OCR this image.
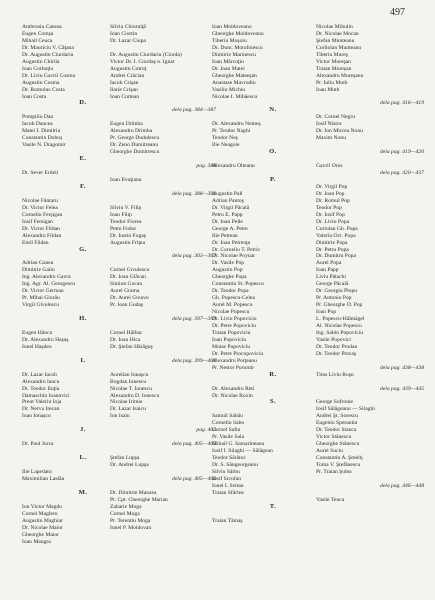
497
Ambrosiu Catona
Eugen Comşa
Mihail Ceuca
Dr. Mauriciu V. Căţana
Dr. Augustin Ciurdariu
Augustin Chirila
Ioan Corbuţiu
Dr. Liviu Gavril Cosma
Augustin Cosma
Dr. Romulus Costa
Ioan Costa
D.

Pompiliu Dan
Iacob Dancea
Matei I. Dimitriu
Constantin Doboş
Vasile N. Dragomir

E.

Dr. Sever Erdeli

F.

Nicolae Fântaru
Dr. Victor Felea
Corneliu Ferşigan
Iosif Fersigan
Dr. Victor Fildan
Alexandru Fildan
Emil Fildan
G.

Adrian Ganea
Dimitrie Galin
Ing. Alexandru Gavra
Ing. Agr. Al. Georgescu
Dr. Victor German
Pr. Mihai Giurău
Virgil Givulescu

H.

Eugen Hâncu
Dr. Alexandru Haşaş
Ionel Haşdeu

I.

Dr. Lazar Iacob
Alexandru Iancu
Dr. Teodor Iluţia
Damaschin Ioanovici
Preot Valeriu Ioja
Dr. Nerva Irecan
Ioan Ionaşcu

J.

Dr. Paul Jurca

L.

Ilie Lapedatu
Maximilian Laslău

M.

Ion Victor Magdu
Cornel Magleru
Augustin Maghiar
Dr. Nicolae Maior
Gheorghe Maior
Ioan Mangra
Silviu Chiorniţă
Ioan Ciortin
Dr. Lazar Ciupa

Dr. Augustin Ciurdariu (Ciorda)
Victor Dr. I. Ciordaş n. Ignat
Augustin Cotruţ
Andrei Crăcian
Iacob Crişan
Ilarie Crişan
Ioan Curtean

dela pag. 384—387

Eugen Drimba
Alexandru Drimba
Pr. George Dudulescu
Dr. Zeno Dumitreanu
Gheorghe Dumitrescu

pag. 388

Ioan Evuţianu

dela pag. 388—392

Silviu V. Filip
Ioan Filip
Teodor Florea
Petre Fodor
Dr. Iustin Fogaş
Augustin Friţea

dela pag. 303—307

Cornel Givulescu
Dr. Ioan Glăvan
Simion Gocan
Aurel Grama
Dr. Aurel Greavu
Pr. Ioan Gudaş

dela pag. 397—399

Cornel Hălbac
Dr. Ioan Hica
Dr. Ştefan Hărăguş

dela pag. 399—403

Aurelian Ionaşcu
Bogdan Ionescu
Nicolae T. Ionescu
Alexandru D. Ionescu
Nicolae Irimie
Dr. Lazar Isaicu
Ion Isaiu

pag. 404

dela pag. 405—405

Ştefan Lupşa
Dr. Andrei Lupşa

dela pag. 405—406

Dr. Dimitrie Manzea
Pr. Cpt. Gheorghe Marian
Zaharie Moga
Cornel Moga
Pr. Terentiu Moga
Ionel P. Moldovan
Ioan Moldoveanu
Gheorghe Moldoveanu
Tiberiu Moşoiu
Dr. Dum. Motofoiescu
Dimitrie Marinescu
Ioan Mărcuţiu
Dr. Ioan Matei
Gheorghe Mateeşan
Anastase Mavrodin
Vasiliu Michiu
Nicolae I. Mihăescu

N.

Dr. Alexandru Nemeş
Pr. Teodor Naghi
Teodor Neş
Ilie Neagoie
O.

Alexandru Olteanu

P.

Augustin Pall
Adrian Pantoş
Dr. Virgil Păcală
Petru E. Papp
Dr. Ioan Pelle
George A. Petre
Ilie Petrean
Dr. Ioan Petreuţa
Dr. Corneliu T. Petric
Dr. Nicolae Poynar
Dr. Vasile Pop
Augustin Pop
Gheorghe Popa
Constantin St. Popescu
Dr. Teodor Popa
Gh. Popescu-Celea
Aurel M. Popescu
Nicolae Popescu
Dr. Liviu Popoviciu
Dr. Petre Popoviciu
Traian Popoviciu
Ioan Popoviciu
Moise Popoviciu
Dr. Petre Procopoviciu
Alexandru Porţeanu
Pr. Nestor Porumb
R.

Dr. Alexandru Reti
Dr. Nicolae Roxin
S.

Samuil Sabău
Corneliu Sabo
Cornel Safta
Pr. Vasile Sala
Mihail G. Samarineanu
Iosif I. Silaghi — Sălăgean
Teodor Sărătoc
Dr. S. Săngeorgeanu
Silviu Sârbu
Iosif Scrofan
Ionel I. Seitan
Traian Sfârlea

T.

Traian Tămaş
Nicolae Mihulin
Dr. Nicolae Mocan
Ştefan Munteanu
Corliolan Munteanu
Tiberiu Mureş
Victor Mureşan
Traian Mureşan
Alexandru Mureşanu
Pr. Iuliu Muth
Ioan Muth

dela pag. 416—419

Dr. Cornel Negru
Iosif Nistor
Dr. Ion Mircea Nonu
Maxim Nonu

dela pag. 419—420

Gavril Oros
dela pag. 420—437

Dr. Virgil Pop
Dr. Ioan Pop
Dr. Romul Pop
Teodor Pop
Dr. Iosif Pop
Dr. Liviu Popa
Coriolan Gh. Popa
Valeriu Oct. Popa
Dimitrie Popa
Dr. Petru Popa
Dr. Dumitru Popa
Aurel Popa
Ioan Papp
Liviu Pătachi
George Păcală
Dr. Georgiu Plopu
Pr. Antoniu Pop
Pr. Gheorghe D. Pop
Ioan Pop
L. Popescu-Hălmăgel
Al. Nicolae Popescu
Ing. Sabin Popoviciu
Vasile Popovici
Dr. Teodor Prodan
Dr. Teodor Potcaş

dela pag. 438—438
Titus Liviu Roşu

dela pag. 439—445

George Sofronie
Iosif Sălăgeanu — Silaghi
Andrei Şt. Sorescu
Eugeniu Sperantia
Dr. Teodor Stanca
Victor Stănescu
Gheorghe Stănescu
Aurel Suciu
Constantin A. Şmeltj
Toma V. Ştefănescu
Pr. Traian Şulea

dela pag. 446—448

Vasile Teuca
